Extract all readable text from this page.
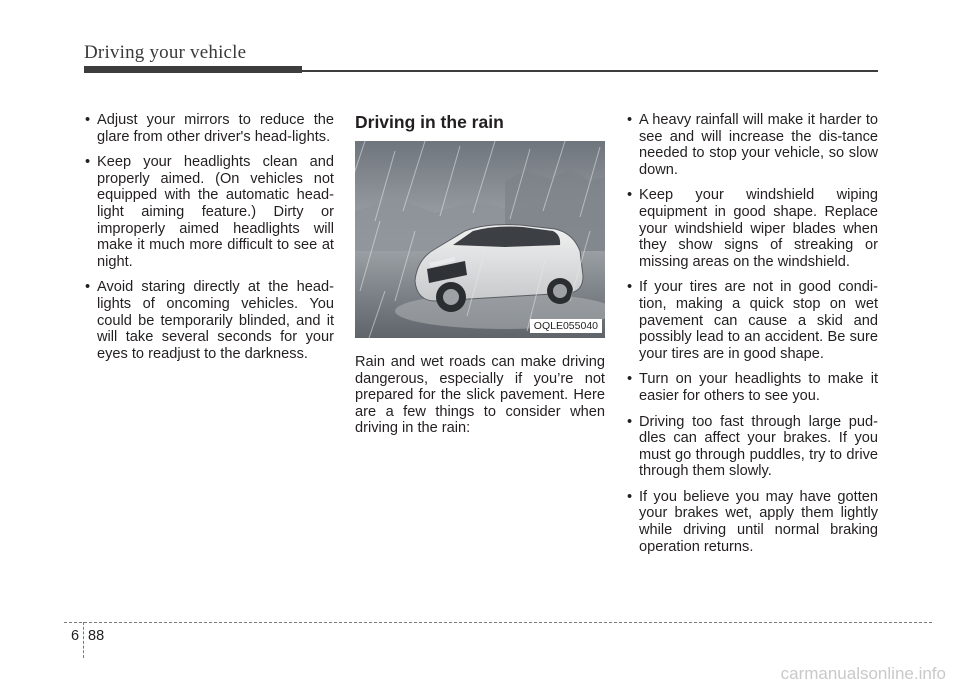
Driving your vehicle
• Adjust your mirrors to reduce the glare from other driver's head-lights.
• Keep your headlights clean and properly aimed. (On vehicles not equipped with the automatic head-light aiming feature.) Dirty or improperly aimed headlights will make it much more difficult to see at night.
• Avoid staring directly at the head-lights of oncoming vehicles. You could be temporarily blinded, and it will take several seconds for your eyes to readjust to the darkness.
Driving in the rain
OQLE055040

Rain and wet roads can make driving dangerous, especially if you’re not prepared for the slick pavement. Here are a few things to consider when driving in the rain:

• A heavy rainfall will make it harder to see and will increase the dis-tance needed to stop your vehicle, so slow down.
• Keep your windshield wiping equipment in good shape. Replace your windshield wiper blades when they show signs of streaking or missing areas on the windshield.
• If your tires are not in good condi-tion, making a quick stop on wet pavement can cause a skid and possibly lead to an accident. Be sure your tires are in good shape.
• Turn on your headlights to make it easier for others to see you.
• Driving too fast through large pud-dles can affect your brakes. If you must go through puddles, try to drive through them slowly.
• If you believe you may have gotten your brakes wet, apply them lightly while driving until normal braking operation returns.
6 88
carmanualsonline.info
